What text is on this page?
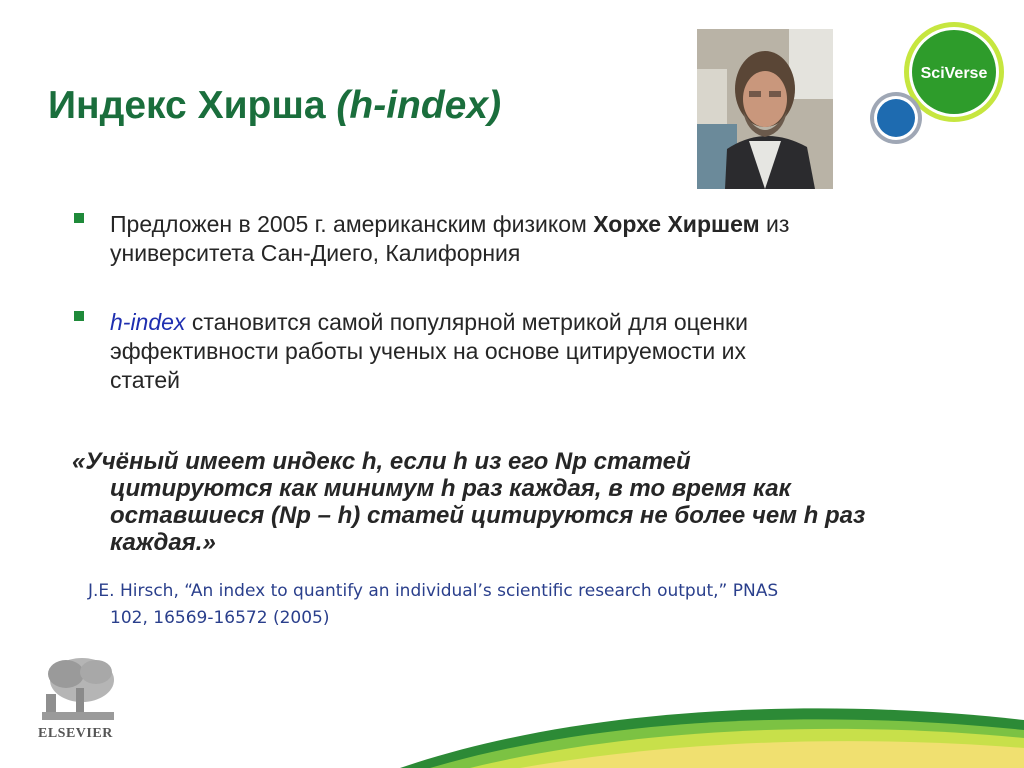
Индекс Хирша (h-index)
SciVerse
Предложен в 2005 г. американским физиком Хорхе Хиршем из университета Сан-Диего, Калифорния
h-index становится самой популярной метрикой для оценки эффективности работы ученых на основе цитируемости их статей
«Учёный имеет индекс h, если h из его Np статей
цитируются как минимум h раз каждая, в то время как оставшиеся (Np – h) статей цитируются не более чем h раз каждая.»
J.E. Hirsch, “An index to quantify an individual’s scientific research output,” PNAS
102, 16569-16572 (2005)
ELSEVIER
